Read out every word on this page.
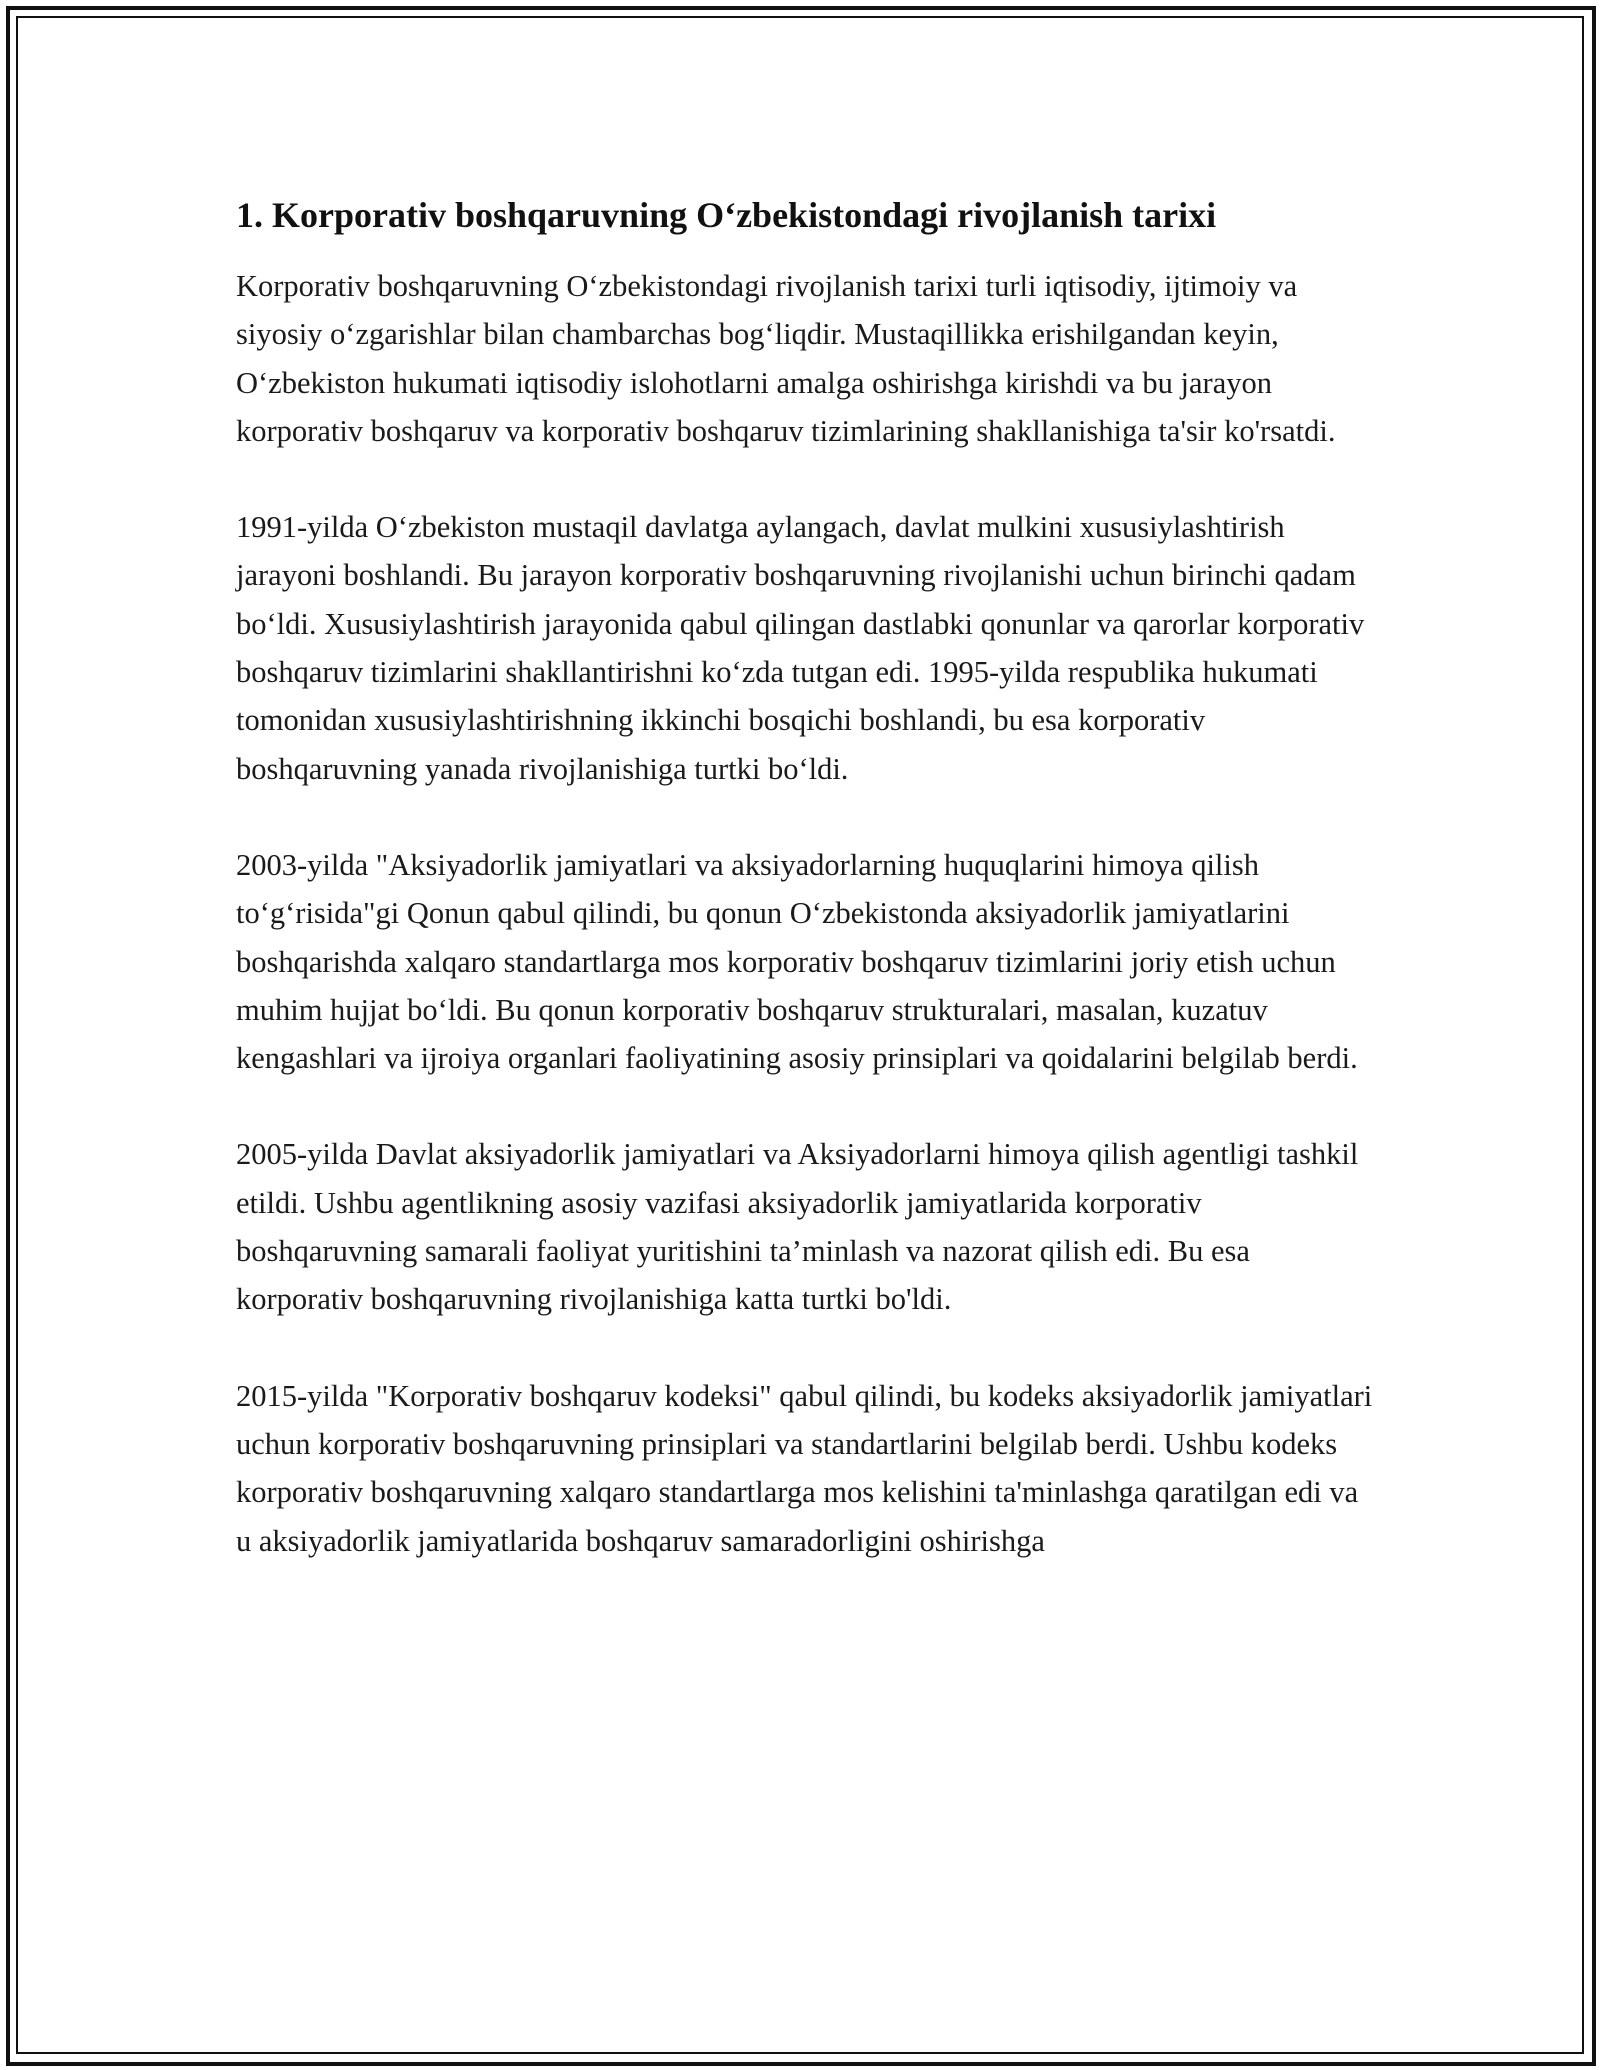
1. Korporativ boshqaruvning O‘zbekistondagi rivojlanish tarixi

Korporativ boshqaruvning O‘zbekistondagi rivojlanish tarixi turli iqtisodiy, ijtimoiy va siyosiy o‘zgarishlar bilan chambarchas bog‘liqdir. Mustaqillikka erishilgandan keyin, O‘zbekiston hukumati iqtisodiy islohotlarni amalga oshirishga kirishdi va bu jarayon korporativ boshqaruv va korporativ boshqaruv tizimlarining shakllanishiga ta'sir ko'rsatdi.

1991-yilda O‘zbekiston mustaqil davlatga aylangach, davlat mulkini xususiylashtirish jarayoni boshlandi. Bu jarayon korporativ boshqaruvning rivojlanishi uchun birinchi qadam bo‘ldi. Xususiylashtirish jarayonida qabul qilingan dastlabki qonunlar va qarorlar korporativ boshqaruv tizimlarini shakllantirishni ko‘zda tutgan edi. 1995-yilda respublika hukumati tomonidan xususiylashtirishning ikkinchi bosqichi boshlandi, bu esa korporativ boshqaruvning yanada rivojlanishiga turtki bo‘ldi.

2003-yilda "Aksiyadorlik jamiyatlari va aksiyadorlarning huquqlarini himoya qilish to‘g‘risida"gi Qonun qabul qilindi, bu qonun O‘zbekistonda aksiyadorlik jamiyatlarini boshqarishda xalqaro standartlarga mos korporativ boshqaruv tizimlarini joriy etish uchun muhim hujjat bo‘ldi. Bu qonun korporativ boshqaruv strukturalari, masalan, kuzatuv kengashlari va ijroiya organlari faoliyatining asosiy prinsiplari va qoidalarini belgilab berdi.

2005-yilda Davlat aksiyadorlik jamiyatlari va Aksiyadorlarni himoya qilish agentligi tashkil etildi. Ushbu agentlikning asosiy vazifasi aksiyadorlik jamiyatlarida korporativ boshqaruvning samarali faoliyat yuritishini ta’minlash va nazorat qilish edi. Bu esa korporativ boshqaruvning rivojlanishiga katta turtki bo'ldi.

2015-yilda "Korporativ boshqaruv kodeksi" qabul qilindi, bu kodeks aksiyadorlik jamiyatlari uchun korporativ boshqaruvning prinsiplari va standartlarini belgilab berdi. Ushbu kodeks korporativ boshqaruvning xalqaro standartlarga mos kelishini ta'minlashga qaratilgan edi va u aksiyadorlik jamiyatlarida boshqaruv samaradorligini oshirishga
